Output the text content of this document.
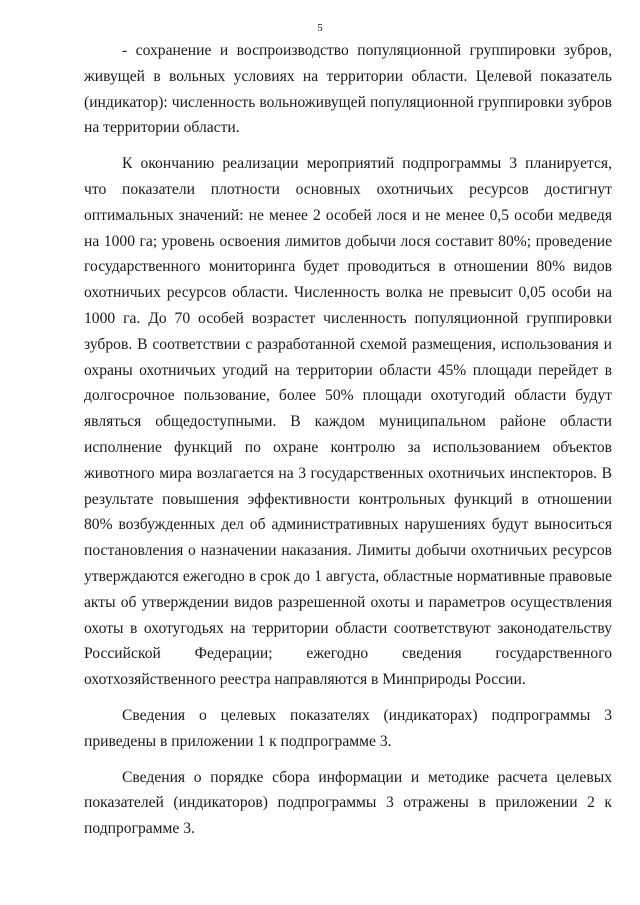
5

- сохранение и воспроизводство популяционной группировки зубров, живущей в вольных условиях на территории области. Целевой показатель (индикатор): численность вольноживущей популяционной группировки зубров на территории области.

К окончанию реализации мероприятий подпрограммы 3 планируется, что показатели плотности основных охотничьих ресурсов достигнут оптимальных значений: не менее 2 особей лося и не менее 0,5 особи медведя на 1000 га; уровень освоения лимитов добычи лося составит 80%; проведение государственного мониторинга будет проводиться в отношении 80% видов охотничьих ресурсов области. Численность волка не превысит 0,05 особи на 1000 га. До 70 особей возрастет численность популяционной группировки зубров. В соответствии с разработанной схемой размещения, использования и охраны охотничьих угодий на территории области 45% площади перейдет в долгосрочное пользование, более 50% площади охотугодий области будут являться общедоступными. В каждом муниципальном районе области исполнение функций по охране контролю за использованием объектов животного мира возлагается на 3 государственных охотничьих инспекторов. В результате повышения эффективности контрольных функций в отношении 80% возбужденных дел об административных нарушениях будут выноситься постановления о назначении наказания. Лимиты добычи охотничьих ресурсов утверждаются ежегодно в срок до 1 августа, областные нормативные правовые акты об утверждении видов разрешенной охоты и параметров осуществления охоты в охотугодьях на территории области соответствуют законодательству Российской Федерации; ежегодно сведения государственного охотхозяйственного реестра направляются в Минприроды России.

Сведения о целевых показателях (индикаторах) подпрограммы 3 приведены в приложении 1 к подпрограмме 3.

Сведения о порядке сбора информации и методике расчета целевых показателей (индикаторов) подпрограммы 3 отражены в приложении 2 к подпрограмме 3.
